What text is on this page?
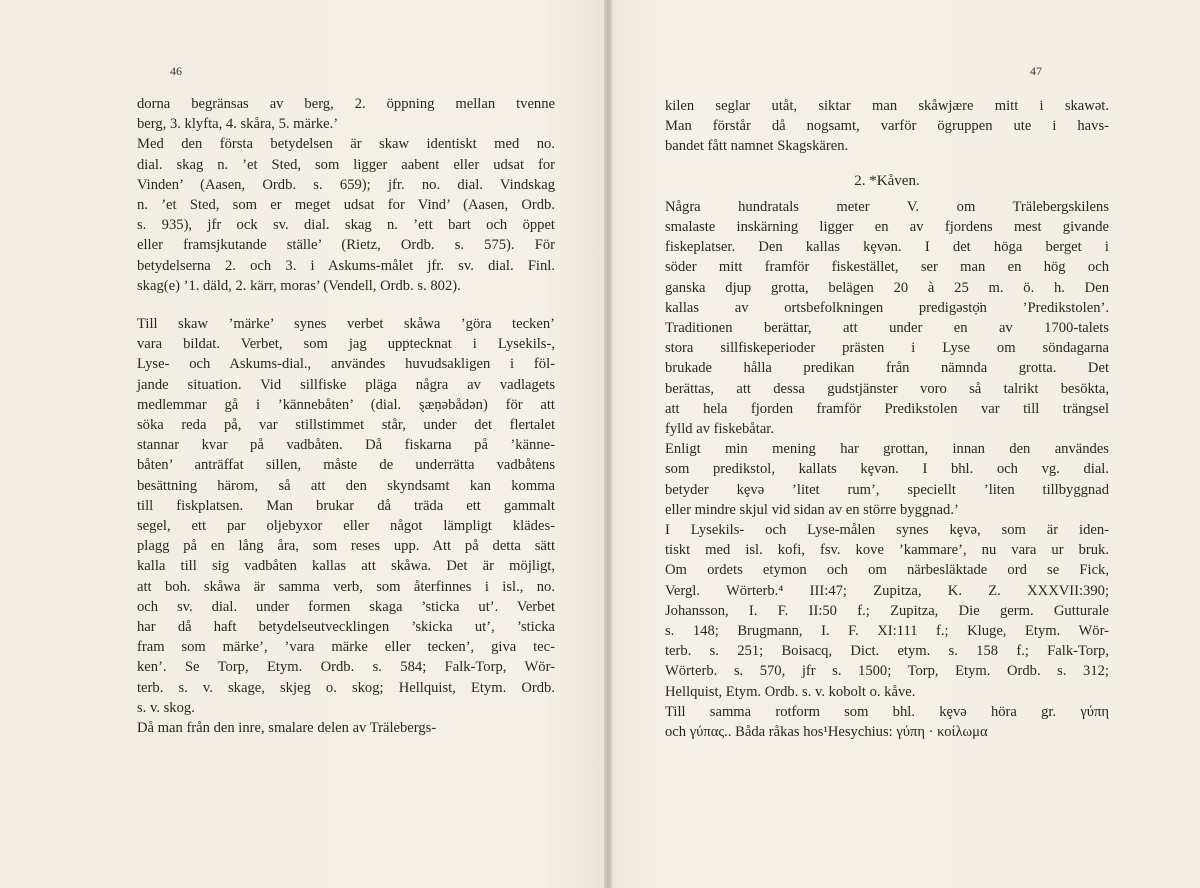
46
dorna begränsas av berg, 2. öppning mellan tvenne
berg, 3. klyfta, 4. skåra, 5. märke.’
Med den första betydelsen är skaw identiskt med no.
dial. skag n. ’et Sted, som ligger aabent eller udsat for
Vinden’ (Aasen, Ordb. s. 659); jfr. no. dial. Vindskag
n. ’et Sted, som er meget udsat for Vind’ (Aasen, Ordb.
s. 935), jfr ock sv. dial. skag n. ’ett bart och öppet
eller framsjkutande ställe’ (Rietz, Ordb. s. 575). För
betydelserna 2. och 3. i Askums-målet jfr. sv. dial. Finl.
skag(e) ’1. däld, 2. kärr, moras’ (Vendell, Ordb. s. 802).
Till skaw ’märke’ synes verbet skåwa ’göra tecken’
vara bildat. Verbet, som jag upptecknat i Lysekils-,
Lyse- och Askums-dial., användes huvudsakligen i föl-
jande situation. Vid sillfiske pläga några av vadlagets
medlemmar gå i ’kännebåten’ (dial. ȿæṇəbådən) för att
söka reda på, var stillstimmet står, under det flertalet
stannar kvar på vadbåten. Då fiskarna på ’känne-
båten’ anträffat sillen, måste de underrätta vadbåtens
besättning härom, så att den skyndsamt kan komma
till fiskplatsen. Man brukar då träda ett gammalt
segel, ett par oljebyxor eller något lämpligt klädes-
plagg på en lång åra, som reses upp. Att på detta sätt
kalla till sig vadbåten kallas att skåwa. Det är möjligt,
att boh. skåwa är samma verb, som återfinnes i isl., no.
och sv. dial. under formen skaga ’sticka ut’. Verbet
har då haft betydelseutvecklingen ’skicka ut’, ’sticka
fram som märke’, ’vara märke eller tecken’, giva tec-
ken’. Se Torp, Etym. Ordb. s. 584; Falk-Torp, Wör-
terb. s. v. skage, skjeg o. skog; Hellquist, Etym. Ordb.
s. v. skog.
Då man från den inre, smalare delen av Trälebergs-
47
kilen seglar utåt, siktar man skåwjære mitt i skawət.
Man förstår då nogsamt, varför ögruppen ute i havs-
bandet fått namnet Skagskären.
2. *Kåven.
Några hundratals meter V. om Trälebergskilens
smalaste inskärning ligger en av fjordens mest givande
fiskeplatser. Den kallas kȩvən. I det höga berget i
söder mitt framför fiskestället, ser man en hög och
ganska djup grotta, belägen 20 à 25 m. ö. h. Den
kallas av ortsbefolkningen predigəstọ̈n ’Predikstolen’.
Traditionen berättar, att under en av 1700-talets
stora sillfiskeperioder prästen i Lyse om söndagarna
brukade hålla predikan från nämnda grotta. Det
berättas, att dessa gudstjänster voro så talrikt besökta,
att hela fjorden framför Predikstolen var till trängsel
fylld av fiskebåtar.
Enligt min mening har grottan, innan den användes
som predikstol, kallats kȩvən. I bhl. och vg. dial.
betyder kȩvə ’litet rum’, speciellt ’liten tillbyggnad
eller mindre skjul vid sidan av en större byggnad.’
I Lysekils- och Lyse-målen synes kȩvə, som är iden-
tiskt med isl. kofi, fsv. kove ’kammare’, nu vara ur bruk.
Om ordets etymon och om närbesläktade ord se Fick,
Vergl. Wörterb.⁴ III:47; Zupitza, K. Z. XXXVII:390;
Johansson, I. F. II:50 f.; Zupitza, Die germ. Gutturale
s. 148; Brugmann, I. F. XI:111 f.; Kluge, Etym. Wör-
terb. s. 251; Boisacq, Dict. etym. s. 158 f.; Falk-Torp,
Wörterb. s. 570, jfr s. 1500; Torp, Etym. Ordb. s. 312;
Hellquist, Etym. Ordb. s. v. kobolt o. kåve.
Till samma rotform som bhl. kȩvə höra gr. γύπη
och γύπας.. Båda råkas hos¹Hesychius: γύπη · κοίλωμα
